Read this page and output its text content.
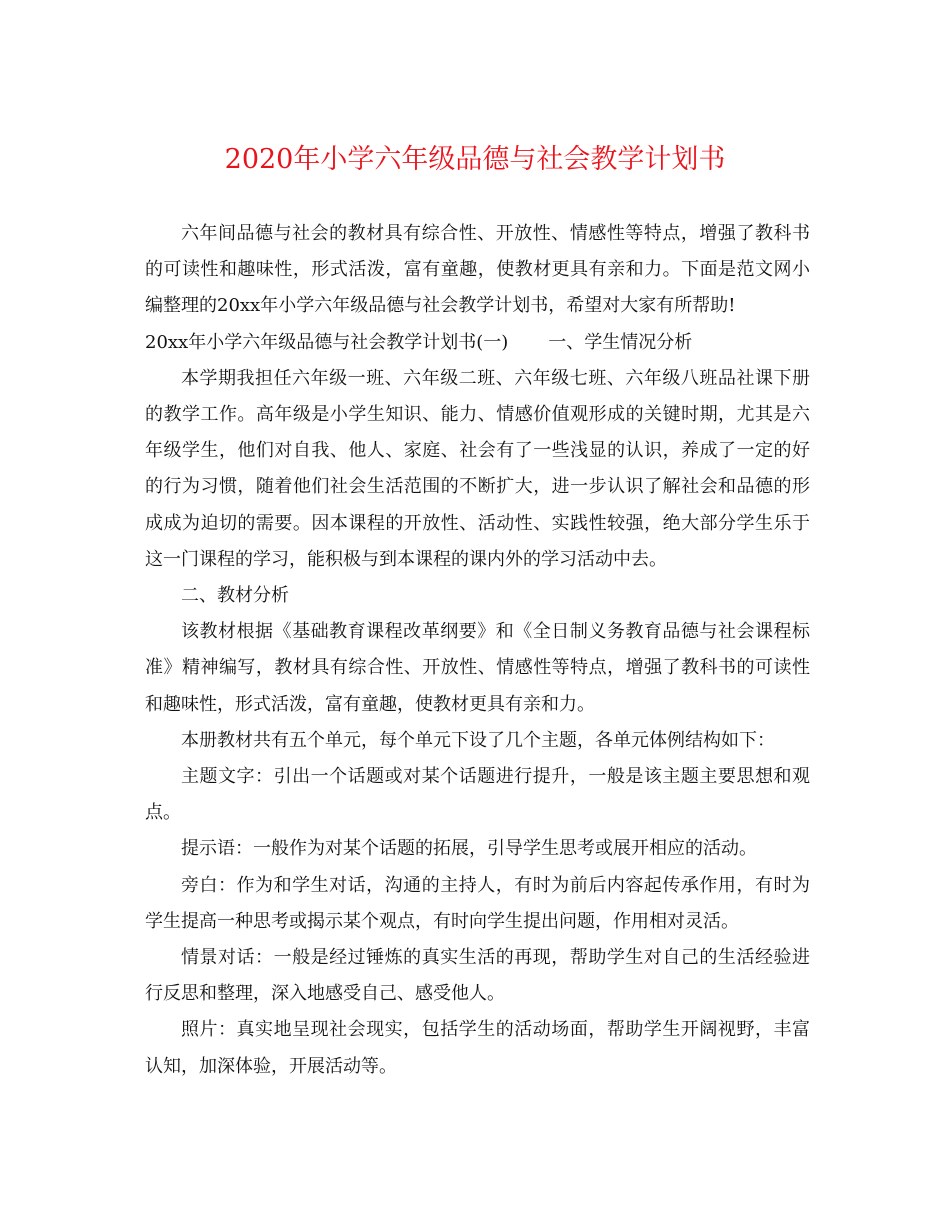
2020年小学六年级品德与社会教学计划书

六年间品德与社会的教材具有综合性、开放性、情感性等特点，增强了教科书的可读性和趣味性，形式活泼，富有童趣，使教材更具有亲和力。下面是范文网小编整理的20xx年小学六年级品德与社会教学计划书，希望对大家有所帮助!

20xx年小学六年级品德与社会教学计划书(一) 一、学生情况分析

本学期我担任六年级一班、六年级二班、六年级七班、六年级八班品社课下册的教学工作。高年级是小学生知识、能力、情感价值观形成的关键时期，尤其是六年级学生，他们对自我、他人、家庭、社会有了一些浅显的认识，养成了一定的好的行为习惯，随着他们社会生活范围的不断扩大，进一步认识了解社会和品德的形成成为迫切的需要。因本课程的开放性、活动性、实践性较强，绝大部分学生乐于这一门课程的学习，能积极与到本课程的课内外的学习活动中去。

二、教材分析

该教材根据《基础教育课程改革纲要》和《全日制义务教育品德与社会课程标准》精神编写，教材具有综合性、开放性、情感性等特点，增强了教科书的可读性和趣味性，形式活泼，富有童趣，使教材更具有亲和力。

本册教材共有五个单元，每个单元下设了几个主题，各单元体例结构如下：

主题文字：引出一个话题或对某个话题进行提升，一般是该主题主要思想和观点。

提示语：一般作为对某个话题的拓展，引导学生思考或展开相应的活动。

旁白：作为和学生对话，沟通的主持人，有时为前后内容起传承作用，有时为学生提高一种思考或揭示某个观点，有时向学生提出问题，作用相对灵活。

情景对话：一般是经过锤炼的真实生活的再现，帮助学生对自己的生活经验进行反思和整理，深入地感受自己、感受他人。

照片：真实地呈现社会现实，包括学生的活动场面，帮助学生开阔视野，丰富认知，加深体验，开展活动等。
